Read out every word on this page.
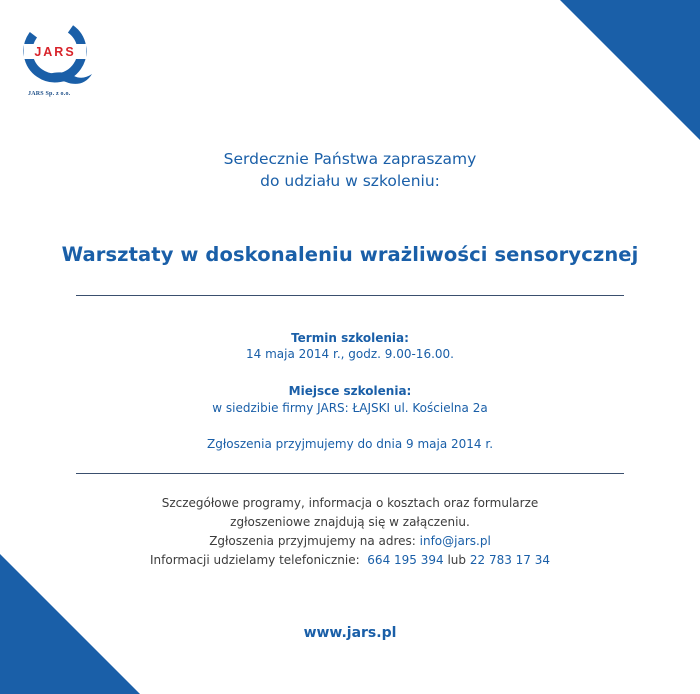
JARS
JARS Sp. z o.o.
Serdecznie Państwa zapraszamy
do udziału w szkoleniu:
Warsztaty w doskonaleniu wrażliwości sensorycznej
Termin szkolenia:
14 maja 2014 r., godz. 9.00-16.00.
Miejsce szkolenia:
w siedzibie firmy JARS: ŁAJSKI ul. Kościelna 2a
Zgłoszenia przyjmujemy do dnia 9 maja 2014 r.
Szczegółowe programy, informacja o kosztach oraz formularze
zgłoszeniowe znajdują się w załączeniu.
Zgłoszenia przyjmujemy na adres: info@jars.pl
Informacji udzielamy telefonicznie: 664 195 394 lub 22 783 17 34
www.jars.pl
